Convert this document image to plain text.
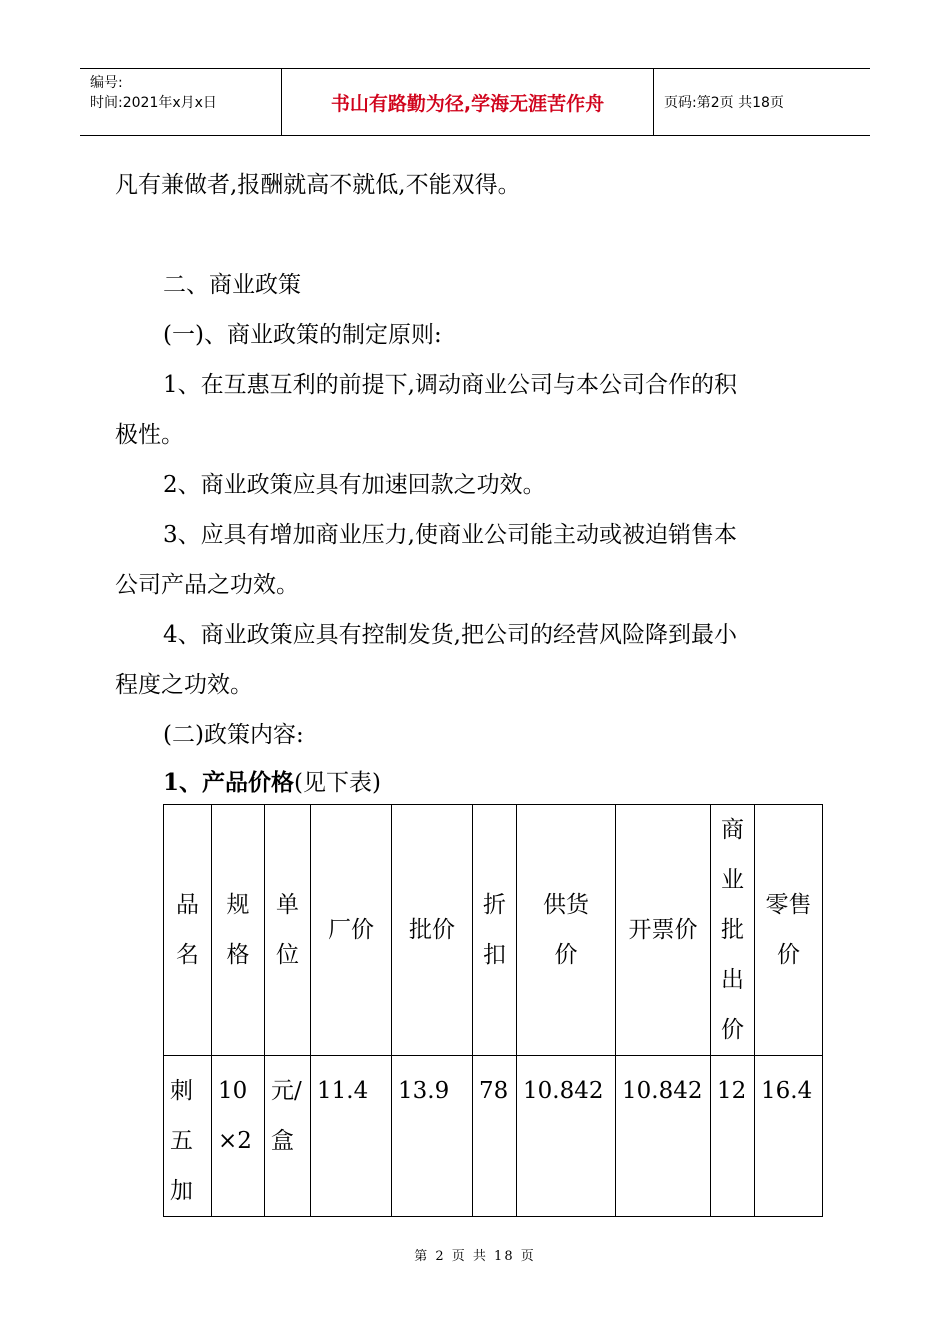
编号:
时间:2021年x月x日	书山有路勤为径,学海无涯苦作舟	页码:第2页 共18页
凡有兼做者,报酬就高不就低,不能双得。
二、商业政策
(一)、商业政策的制定原则:
1、在互惠互利的前提下,调动商业公司与本公司合作的积
极性。
2、商业政策应具有加速回款之功效。
3、应具有增加商业压力,使商业公司能主动或被迫销售本
公司产品之功效。
4、商业政策应具有控制发货,把公司的经营风险降到最小
程度之功效。
(二)政策内容:
1、产品价格(见下表)
品名	规格	单位	厂价	批价	折扣	供货价	开票价	商业批出价	零售价

刺五加	10×2	元/盒	11.4	13.9	78	10.842	10.842	12	16.4
第 2 页 共 18 页
